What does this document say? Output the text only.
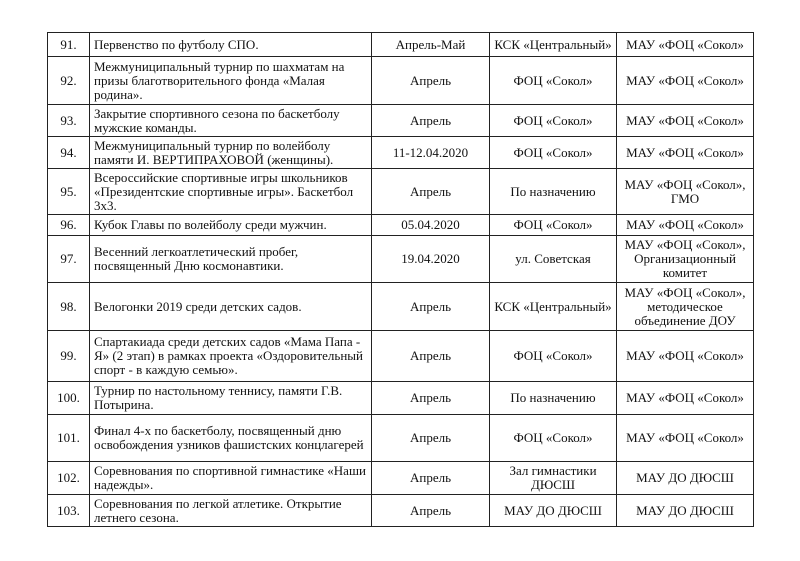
91.	Первенство по футболу СПО.	Апрель-Май	КСК «Центральный»	МАУ «ФОЦ «Сокол»
92.	Межмуниципальный турнир по шахматам на призы благотворительного фонда «Малая родина».	Апрель	ФОЦ «Сокол»	МАУ «ФОЦ «Сокол»
93.	Закрытие спортивного сезона по баскетболу мужские команды.	Апрель	ФОЦ «Сокол»	МАУ «ФОЦ «Сокол»
94.	Межмуниципальный турнир по волейболу памяти И. ВЕРТИПРАХОВОЙ (женщины).	11-12.04.2020	ФОЦ «Сокол»	МАУ «ФОЦ «Сокол»
95.	Всероссийские спортивные игры школьников «Президентские спортивные игры». Баскетбол 3х3.	Апрель	По назначению	МАУ «ФОЦ «Сокол», ГМО
96.	Кубок Главы по волейболу среди мужчин.	05.04.2020	ФОЦ «Сокол»	МАУ «ФОЦ «Сокол»
97.	Весенний легкоатлетический пробег, посвященный Дню космонавтики.	19.04.2020	ул. Советская	МАУ «ФОЦ «Сокол», Организационный комитет
98.	Велогонки 2019 среди детских садов.	Апрель	КСК «Центральный»	МАУ «ФОЦ «Сокол», методическое объединение ДОУ
99.	Спартакиада среди детских садов «Мама Папа - Я» (2 этап) в рамках проекта «Оздоровительный спорт - в каждую семью».	Апрель	ФОЦ «Сокол»	МАУ «ФОЦ «Сокол»
100.	Турнир по настольному теннису, памяти Г.В. Потырина.	Апрель	По назначению	МАУ «ФОЦ «Сокол»
101.	Финал 4-х по баскетболу, посвященный дню освобождения узников фашистских концлагерей	Апрель	ФОЦ «Сокол»	МАУ «ФОЦ «Сокол»
102.	Соревнования по спортивной гимнастике «Наши надежды».	Апрель	Зал гимнастики ДЮСШ	МАУ ДО ДЮСШ
103.	Соревнования по легкой атлетике. Открытие летнего сезона.	Апрель	МАУ ДО ДЮСШ	МАУ ДО ДЮСШ
